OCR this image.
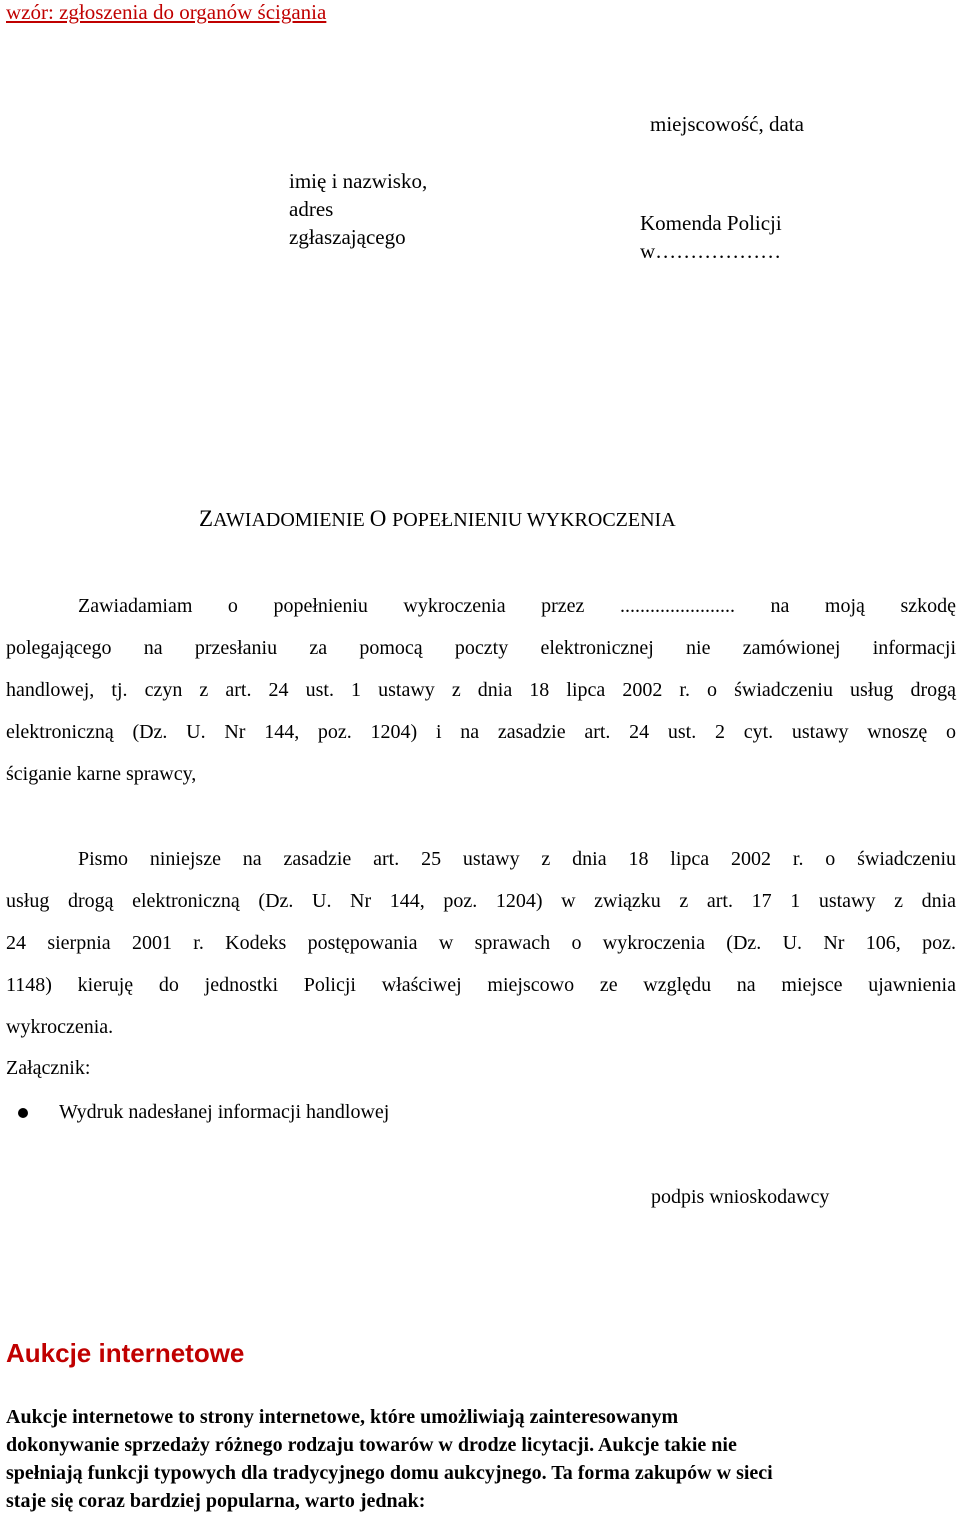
wzór: zgłoszenia do organów ścigania
miejscowość, data
imię i nazwisko,
adres
zgłaszającego
Komenda Policji
w………………
ZAWIADOMIENIE O POPEŁNIENIU WYKROCZENIA
Zawiadamiam o popełnieniu wykroczenia przez ....................... na moją szkodę
polegającego na przesłaniu za pomocą poczty elektronicznej nie zamówionej informacji
handlowej, tj. czyn z art. 24 ust. 1 ustawy z dnia 18 lipca 2002 r. o świadczeniu usług drogą
elektroniczną (Dz. U. Nr 144, poz. 1204) i na zasadzie art. 24 ust. 2 cyt. ustawy wnoszę o
ściganie karne sprawcy,
Pismo niniejsze na zasadzie art. 25 ustawy z dnia 18 lipca 2002 r. o świadczeniu
usług drogą elektroniczną (Dz. U. Nr 144, poz. 1204) w związku z art. 17 1 ustawy z dnia
24 sierpnia 2001 r. Kodeks postępowania w sprawach o wykroczenia (Dz. U. Nr 106, poz.
1148) kieruję do jednostki Policji właściwej miejscowo ze względu na miejsce ujawnienia
wykroczenia.
Załącznik:
Wydruk nadesłanej informacji handlowej
podpis wnioskodawcy
Aukcje internetowe
Aukcje internetowe to strony internetowe, które umożliwiają zainteresowanym
dokonywanie sprzedaży różnego rodzaju towarów w drodze licytacji. Aukcje takie nie
spełniają funkcji typowych dla tradycyjnego domu aukcyjnego. Ta forma zakupów w sieci
staje się coraz bardziej popularna, warto jednak:
